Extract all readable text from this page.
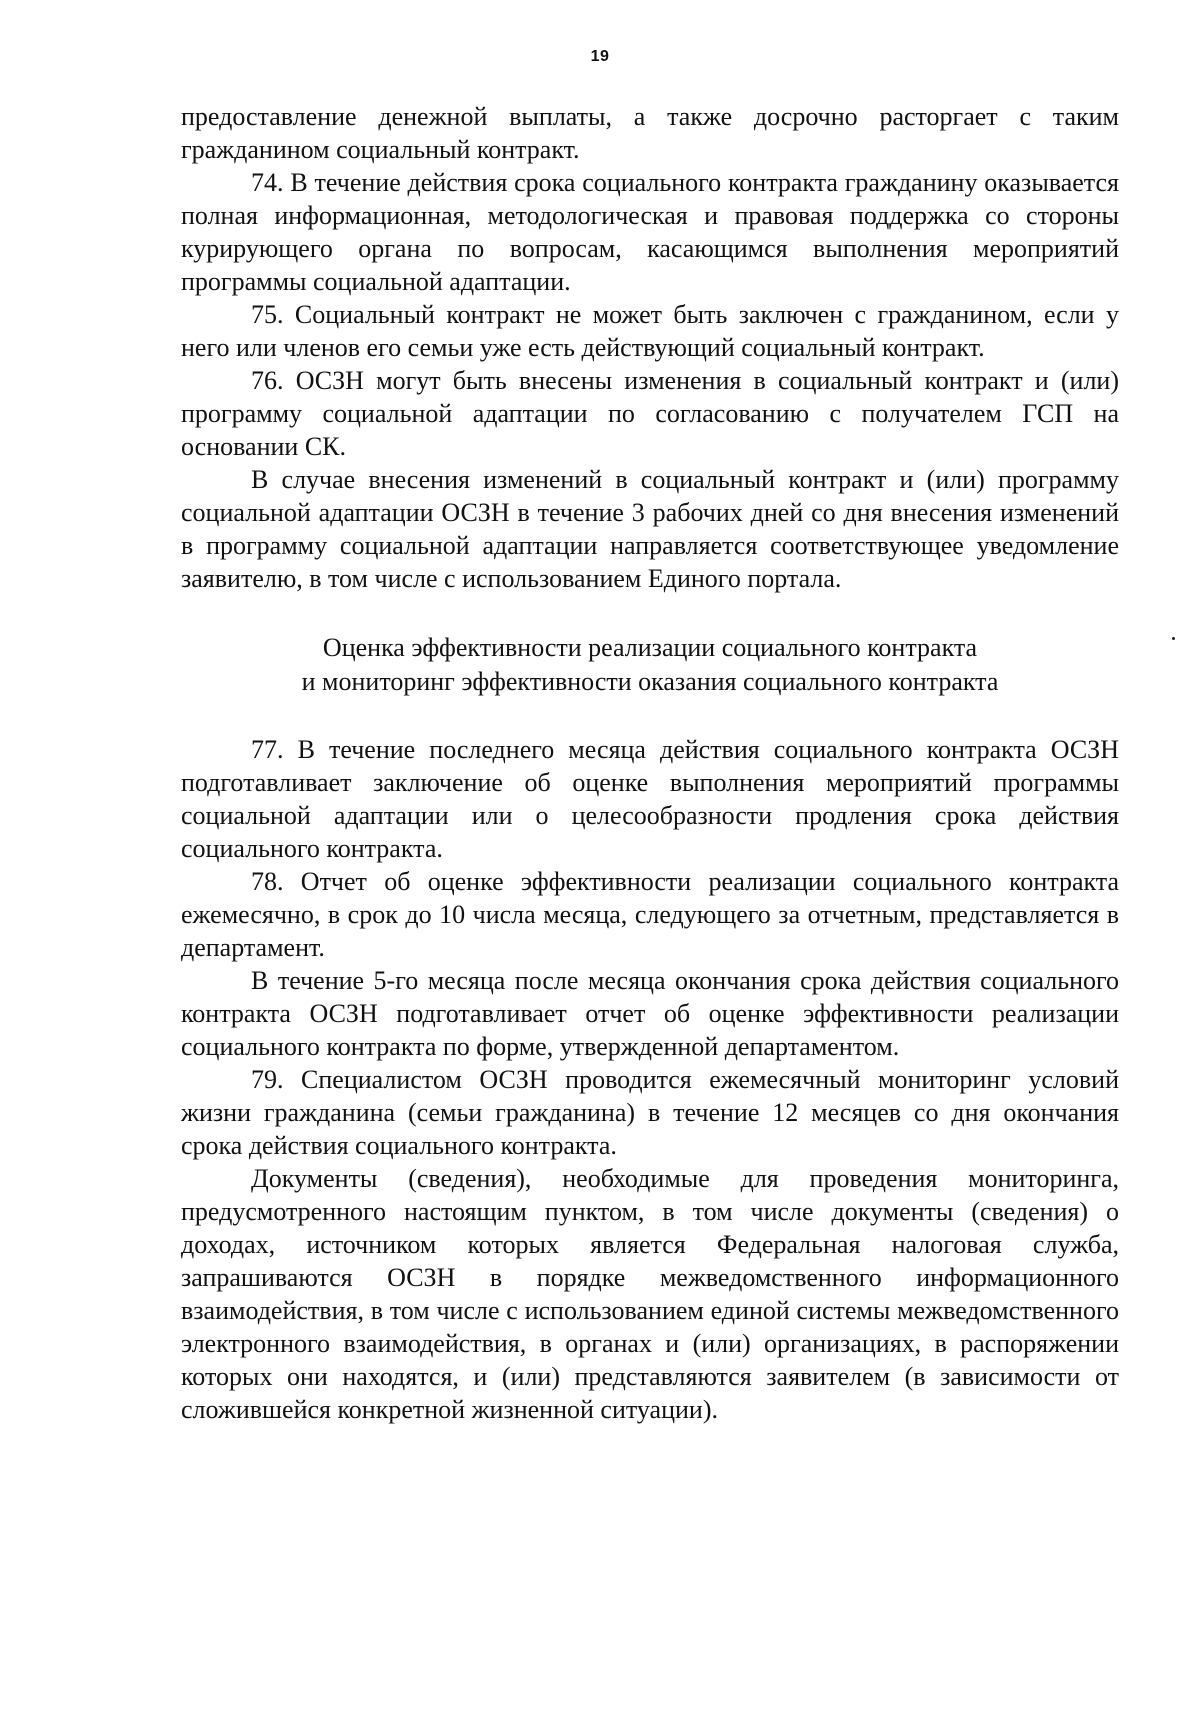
19

предоставление денежной выплаты, а также досрочно расторгает с таким гражданином социальный контракт.

74. В течение действия срока социального контракта гражданину оказывается полная информационная, методологическая и правовая поддержка со стороны курирующего органа по вопросам, касающимся выполнения мероприятий программы социальной адаптации.

75. Социальный контракт не может быть заключен с гражданином, если у него или членов его семьи уже есть действующий социальный контракт.

76. ОСЗН могут быть внесены изменения в социальный контракт и (или) программу социальной адаптации по согласованию с получателем ГСП на основании СК.

В случае внесения изменений в социальный контракт и (или) программу социальной адаптации ОСЗН в течение 3 рабочих дней со дня внесения изменений в программу социальной адаптации направляется соответствующее уведомление заявителю, в том числе с использованием Единого портала.

Оценка эффективности реализации социального контракта
и мониторинг эффективности оказания социального контракта

77. В течение последнего месяца действия социального контракта ОСЗН подготавливает заключение об оценке выполнения мероприятий программы социальной адаптации или о целесообразности продления срока действия социального контракта.

78. Отчет об оценке эффективности реализации социального контракта ежемесячно, в срок до 10 числа месяца, следующего за отчетным, представляется в департамент.

В течение 5-го месяца после месяца окончания срока действия социального контракта ОСЗН подготавливает отчет об оценке эффективности реализации социального контракта по форме, утвержденной департаментом.

79. Специалистом ОСЗН проводится ежемесячный мониторинг условий жизни гражданина (семьи гражданина) в течение 12 месяцев со дня окончания срока действия социального контракта.

Документы (сведения), необходимые для проведения мониторинга, предусмотренного настоящим пунктом, в том числе документы (сведения) о доходах, источником которых является Федеральная налоговая служба, запрашиваются ОСЗН в порядке межведомственного информационного взаимодействия, в том числе с использованием единой системы межведомственного электронного взаимодействия, в органах и (или) организациях, в распоряжении которых они находятся, и (или) представляются заявителем (в зависимости от сложившейся конкретной жизненной ситуации).
